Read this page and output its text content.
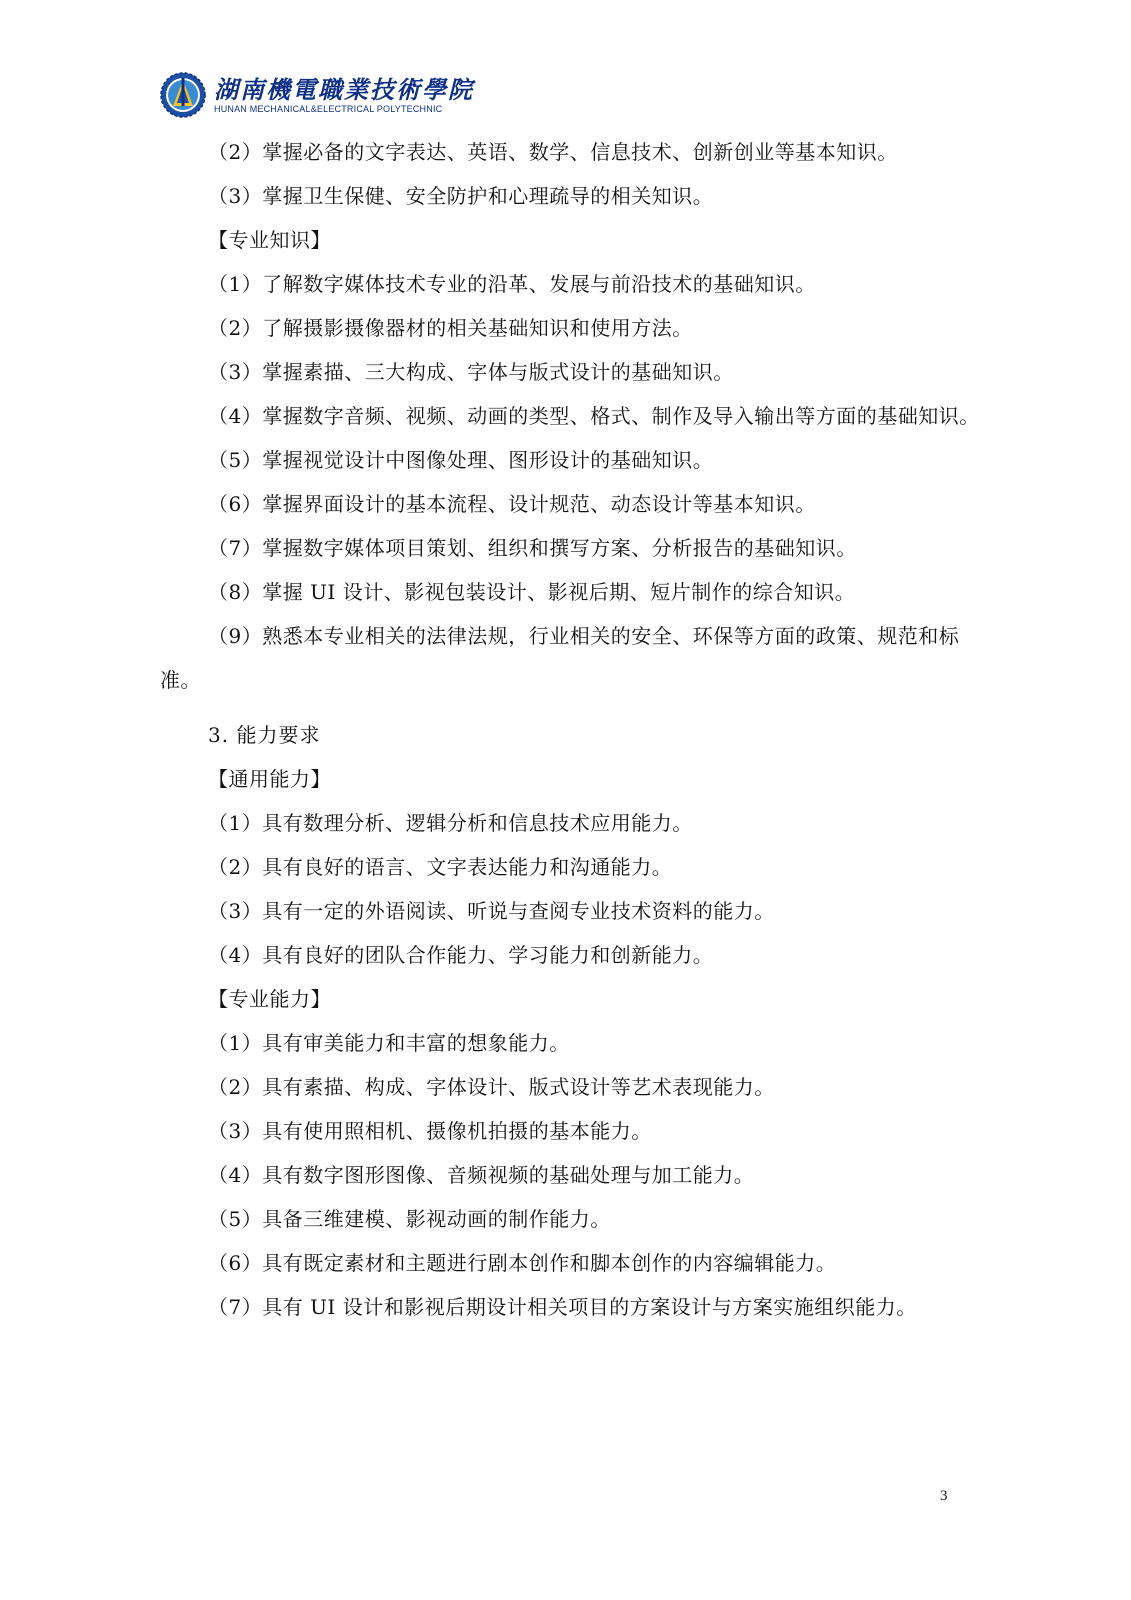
湖南機電職業技術學院
HUNAN MECHANICAL&ELECTRICAL POLYTECHNIC
（2）掌握必备的文字表达、英语、数学、信息技术、创新创业等基本知识。
（3）掌握卫生保健、安全防护和心理疏导的相关知识。
【专业知识】
（1）了解数字媒体技术专业的沿革、发展与前沿技术的基础知识。
（2）了解摄影摄像器材的相关基础知识和使用方法。
（3）掌握素描、三大构成、字体与版式设计的基础知识。
（4）掌握数字音频、视频、动画的类型、格式、制作及导入输出等方面的基础知识。
（5）掌握视觉设计中图像处理、图形设计的基础知识。
（6）掌握界面设计的基本流程、设计规范、动态设计等基本知识。
（7）掌握数字媒体项目策划、组织和撰写方案、分析报告的基础知识。
（8）掌握 UI 设计、影视包装设计、影视后期、短片制作的综合知识。
（9）熟悉本专业相关的法律法规，行业相关的安全、环保等方面的政策、规范和标准。
3. 能力要求
【通用能力】
（1）具有数理分析、逻辑分析和信息技术应用能力。
（2）具有良好的语言、文字表达能力和沟通能力。
（3）具有一定的外语阅读、听说与查阅专业技术资料的能力。
（4）具有良好的团队合作能力、学习能力和创新能力。
【专业能力】
（1）具有审美能力和丰富的想象能力。
（2）具有素描、构成、字体设计、版式设计等艺术表现能力。
（3）具有使用照相机、摄像机拍摄的基本能力。
（4）具有数字图形图像、音频视频的基础处理与加工能力。
（5）具备三维建模、影视动画的制作能力。
（6）具有既定素材和主题进行剧本创作和脚本创作的内容编辑能力。
（7）具有 UI 设计和影视后期设计相关项目的方案设计与方案实施组织能力。
3
